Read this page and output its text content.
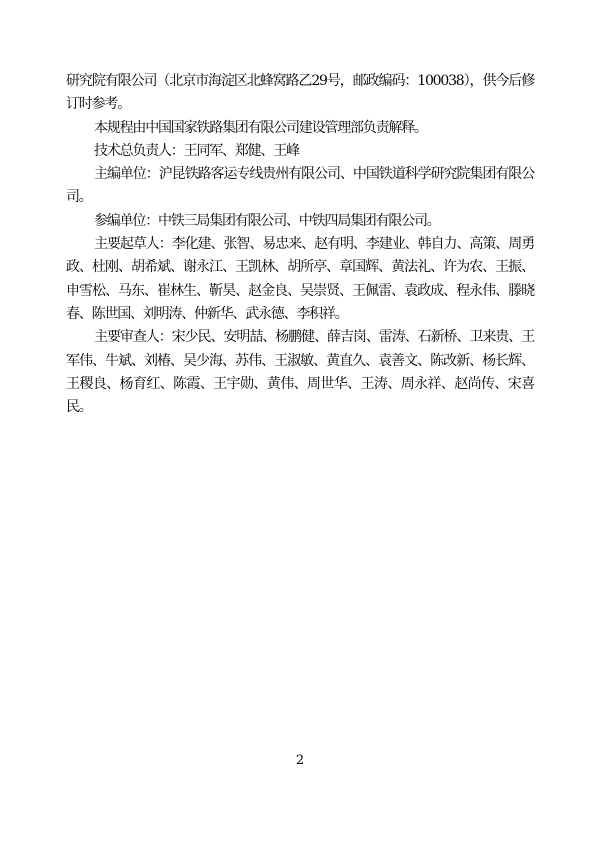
研究院有限公司（北京市海淀区北蜂窝路乙29号，邮政编码：100038），供今后修订时参考。

本规程由中国国家铁路集团有限公司建设管理部负责解释。

技术总负责人：王同军、郑健、王峰

主编单位：沪昆铁路客运专线贵州有限公司、中国铁道科学研究院集团有限公司。

参编单位：中铁三局集团有限公司、中铁四局集团有限公司。

主要起草人：李化建、张智、易忠来、赵有明、李建业、韩自力、高策、周勇政、杜刚、胡希斌、谢永江、王凯林、胡所亭、章国辉、黄法礼、许为农、王振、申雪松、马东、崔林生、靳昊、赵金良、吴崇贤、王佩雷、袁政成、程永伟、滕晓春、陈世国、刘明涛、仲新华、武永德、李积祥。

主要审查人：宋少民、安明喆、杨鹏健、薛吉岗、雷涛、石新桥、卫来贵、王军伟、牛斌、刘椿、吴少海、苏伟、王淑敏、黄直久、袁善文、陈改新、杨长辉、王稷良、杨育红、陈霞、王宇勋、黄伟、周世华、王涛、周永祥、赵尚传、宋喜民。

2
